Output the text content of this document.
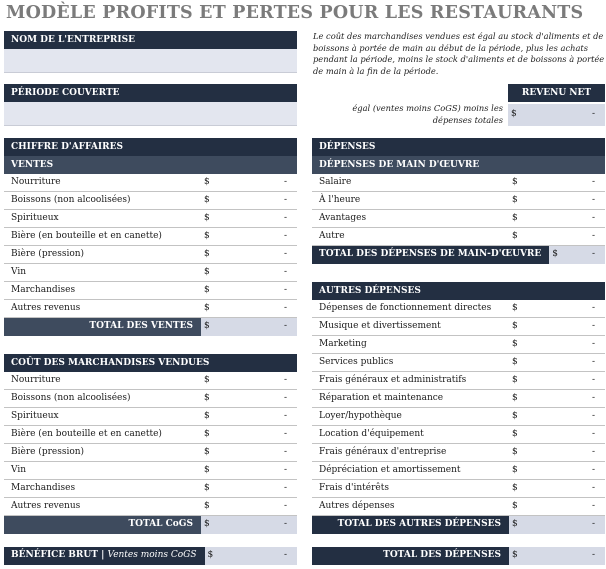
MODÈLE PROFITS ET PERTES POUR LES RESTAURANTS
NOM DE L'ENTREPRISE
PÉRIODE COUVERTE
Le coût des marchandises vendues est égal au stock d'aliments et de boissons à portée de main au début de la période, plus les achats pendant la période, moins le stock d'aliments et de boissons à portée de main à la fin de la période.
égal (ventes moins CoGS) moins les dépenses totales
REVENU NET
$	-
CHIFFRE D'AFFAIRES
VENTES
Nourriture	$	-
Boissons (non alcoolisées)	$	-
Spiritueux	$	-
Bière (en bouteille et en canette)	$	-
Bière (pression)	$	-
Vin	$	-
Marchandises	$	-
Autres revenus	$	-
TOTAL DES VENTES	$	-
COÛT DES MARCHANDISES VENDUES
Nourriture	$	-
Boissons (non alcoolisées)	$	-
Spiritueux	$	-
Bière (en bouteille et en canette)	$	-
Bière (pression)	$	-
Vin	$	-
Marchandises	$	-
Autres revenus	$	-
TOTAL CoGS	$	-
BÉNÉFICE BRUT | Ventes moins CoGS	$	-
DÉPENSES
DÉPENSES DE MAIN D'ŒUVRE
Salaire	$	-
À l'heure	$	-
Avantages	$	-
Autre	$	-
TOTAL DES DÉPENSES DE MAIN-D'ŒUVRE	$	-
AUTRES DÉPENSES
Dépenses de fonctionnement directes	$	-
Musique et divertissement	$	-
Marketing	$	-
Services publics	$	-
Frais généraux et administratifs	$	-
Réparation et maintenance	$	-
Loyer/hypothèque	$	-
Location d'équipement	$	-
Frais généraux d'entreprise	$	-
Dépréciation et amortissement	$	-
Frais d'intérêts	$	-
Autres dépenses	$	-
TOTAL DES AUTRES DÉPENSES	$	-
TOTAL DES DÉPENSES	$	-
